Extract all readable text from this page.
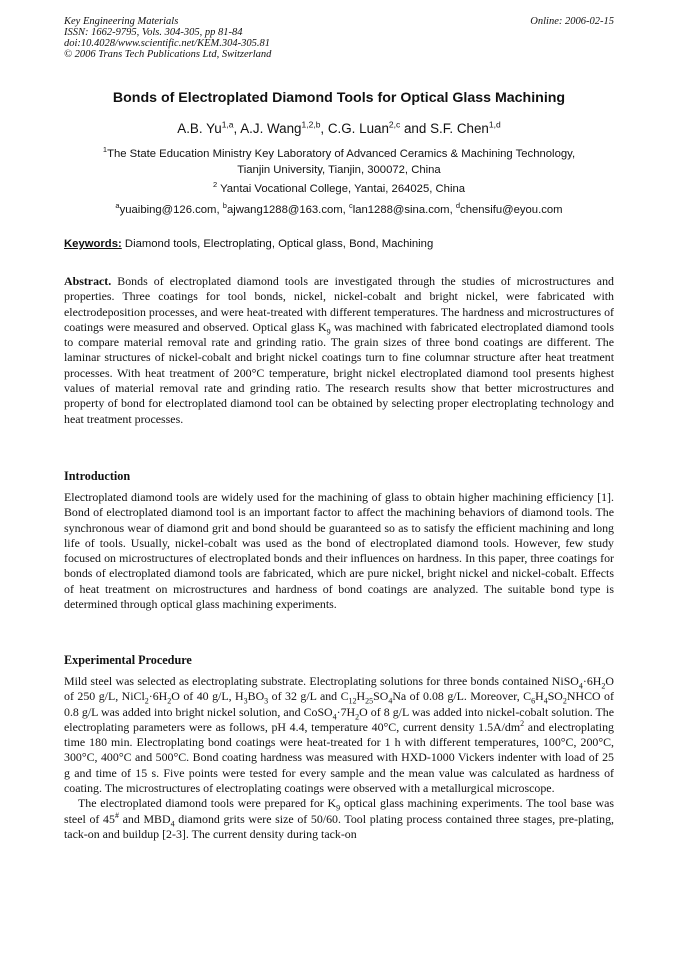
Key Engineering Materials
ISSN: 1662-9795, Vols. 304-305, pp 81-84
doi:10.4028/www.scientific.net/KEM.304-305.81
© 2006 Trans Tech Publications Ltd, Switzerland
Online: 2006-02-15
Bonds of Electroplated Diamond Tools for Optical Glass Machining
A.B. Yu$^{1,a}$, A.J. Wang$^{1,2,b}$, C.G. Luan$^{2,c}$ and S.F. Chen$^{1,d}$
$^1$The State Education Ministry Key Laboratory of Advanced Ceramics & Machining Technology,
Tianjin University, Tianjin, 300072, China
$^2$ Yantai Vocational College, Yantai, 264025, China
$^a$yuaibing@126.com, $^b$ajwang1288@163.com, $^c$lan1288@sina.com, $^d$chensifu@eyou.com
Keywords: Diamond tools, Electroplating, Optical glass, Bond, Machining

Abstract. Bonds of electroplated diamond tools are investigated through the studies of microstructures and properties. Three coatings for tool bonds, nickel, nickel-cobalt and bright nickel, were fabricated with electrodeposition processes, and were heat-treated with different temperatures. The hardness and microstructures of coatings were measured and observed. Optical glass $K_9$ was machined with fabricated electroplated diamond tools to compare material removal rate and grinding ratio. The grain sizes of three bond coatings are different. The laminar structures of nickel-cobalt and bright nickel coatings turn to fine columnar structure after heat treatment processes. With heat treatment of 200°C temperature, bright nickel electroplated diamond tool presents highest values of material removal rate and grinding ratio. The research results show that better microstructures and property of bond for electroplated diamond tool can be obtained by selecting proper electroplating technology and heat treatment processes.

Introduction

Electroplated diamond tools are widely used for the machining of glass to obtain higher machining efficiency [1]. Bond of electroplated diamond tool is an important factor to affect the machining behaviors of diamond tools. The synchronous wear of diamond grit and bond should be guaranteed so as to satisfy the efficient machining and long life of tools. Usually, nickel-cobalt was used as the bond of electroplated diamond tools. However, few study focused on microstructures of electroplated bonds and their influences on hardness. In this paper, three coatings for bonds of electroplated diamond tools are fabricated, which are pure nickel, bright nickel and nickel-cobalt. Effects of heat treatment on microstructures and hardness of bond coatings are analyzed. The suitable bond type is determined through optical glass machining experiments.

Experimental Procedure

Mild steel was selected as electroplating substrate. Electroplating solutions for three bonds contained $NiSO_4\cdot 6H_2O$ of 250 g/L, $NiCl_2\cdot 6H_2O$ of 40 g/L, $H_3BO_3$ of 32 g/L and $C_{12}H_{25}SO_4Na$ of 0.08 g/L. Moreover, $C_6H_4SO_2NHCO$ of 0.8 g/L was added into bright nickel solution, and $CoSO_4\cdot 7H_2O$ of 8 g/L was added into nickel-cobalt solution. The electroplating parameters were as follows, pH 4.4, temperature 40°C, current density $1.5A/dm^2$ and electroplating time 180 min. Electroplating bond coatings were heat-treated for 1 h with different temperatures, 100°C, 200°C, 300°C, 400°C and 500°C. Bond coating hardness was measured with HXD-1000 Vickers indenter with load of 25 g and time of 15 s. Five points were tested for every sample and the mean value was calculated as hardness of coating. The microstructures of electroplating coatings were observed with a metallurgical microscope.

The electroplated diamond tools were prepared for $K_9$ optical glass machining experiments. The tool base was steel of 45# and $MBD_4$ diamond grits were size of 50/60. Tool plating process contained three stages, pre-plating, tack-on and buildup [2-3]. The current density during tack-on
